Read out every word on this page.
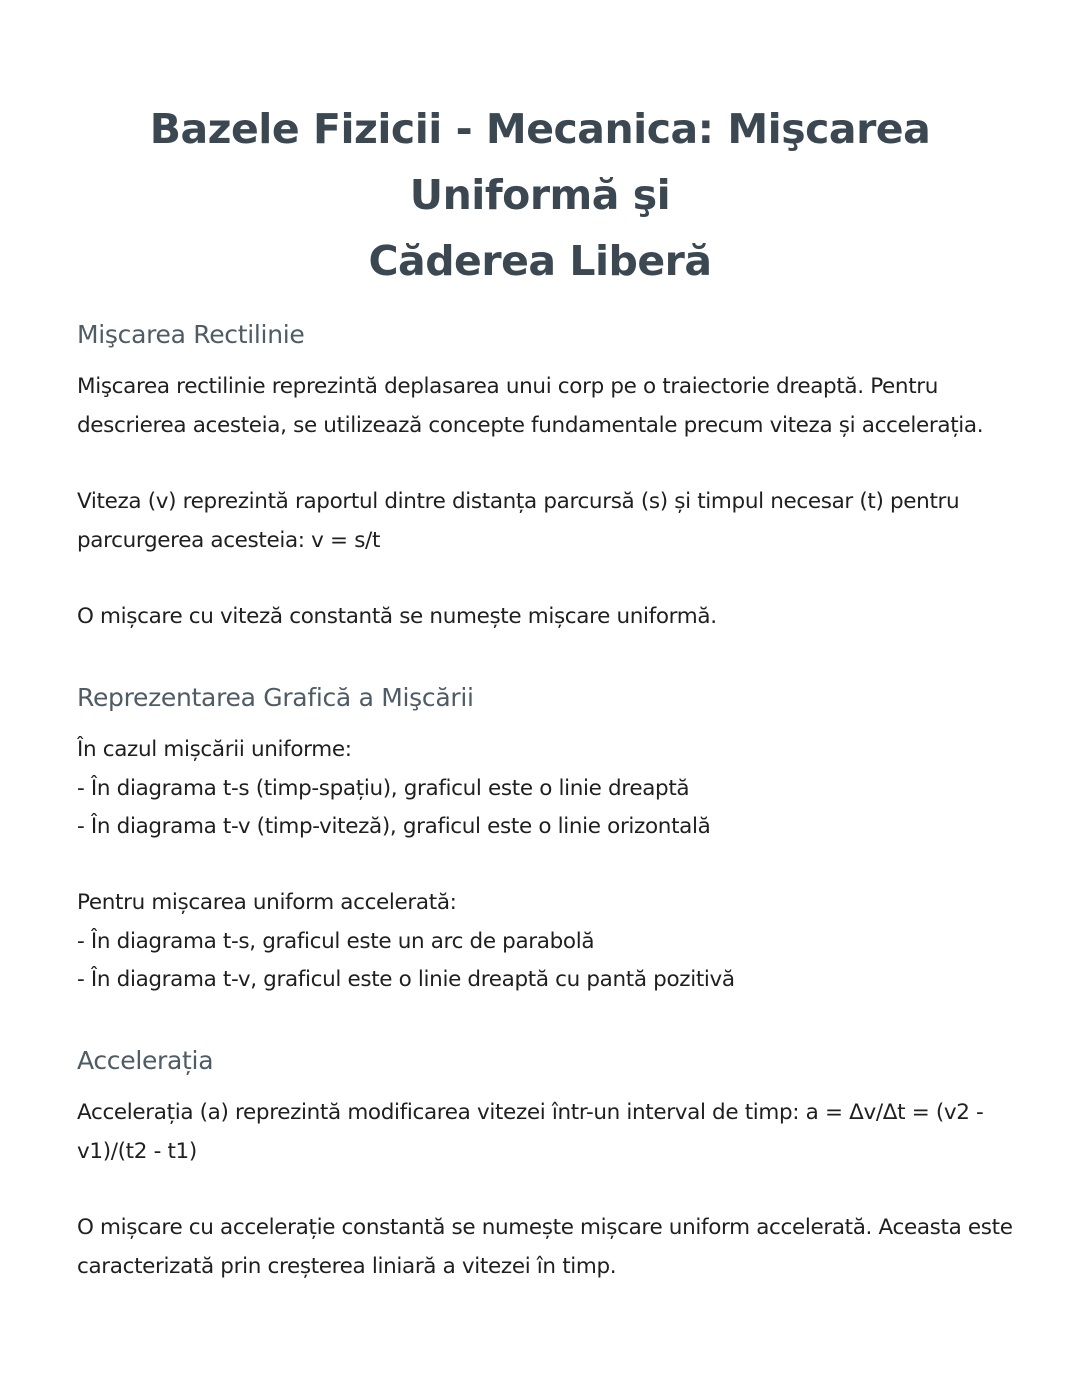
Bazele Fizicii - Mecanica: Mişcarea Uniformă şi
Căderea Liberă
Mişcarea Rectilinie

Mişcarea rectilinie reprezintă deplasarea unui corp pe o traiectorie dreaptă. Pentru
descrierea acesteia, se utilizează concepte fundamentale precum viteza și accelerația.

Viteza (v) reprezintă raportul dintre distanța parcursă (s) și timpul necesar (t) pentru
parcurgerea acesteia: v = s/t

O mișcare cu viteză constantă se numește mișcare uniformă.

Reprezentarea Grafică a Mişcării

În cazul mișcării uniforme:
- În diagrama t-s (timp-spațiu), graficul este o linie dreaptă
- În diagrama t-v (timp-viteză), graficul este o linie orizontală

Pentru mișcarea uniform accelerată:
- În diagrama t-s, graficul este un arc de parabolă
- În diagrama t-v, graficul este o linie dreaptă cu pantă pozitivă

Accelerația

Accelerația (a) reprezintă modificarea vitezei într-un interval de timp: a = Δv/Δt = (v2 -
v1)/(t2 - t1)

O mișcare cu accelerație constantă se numește mișcare uniform accelerată. Aceasta este
caracterizată prin creșterea liniară a vitezei în timp.
